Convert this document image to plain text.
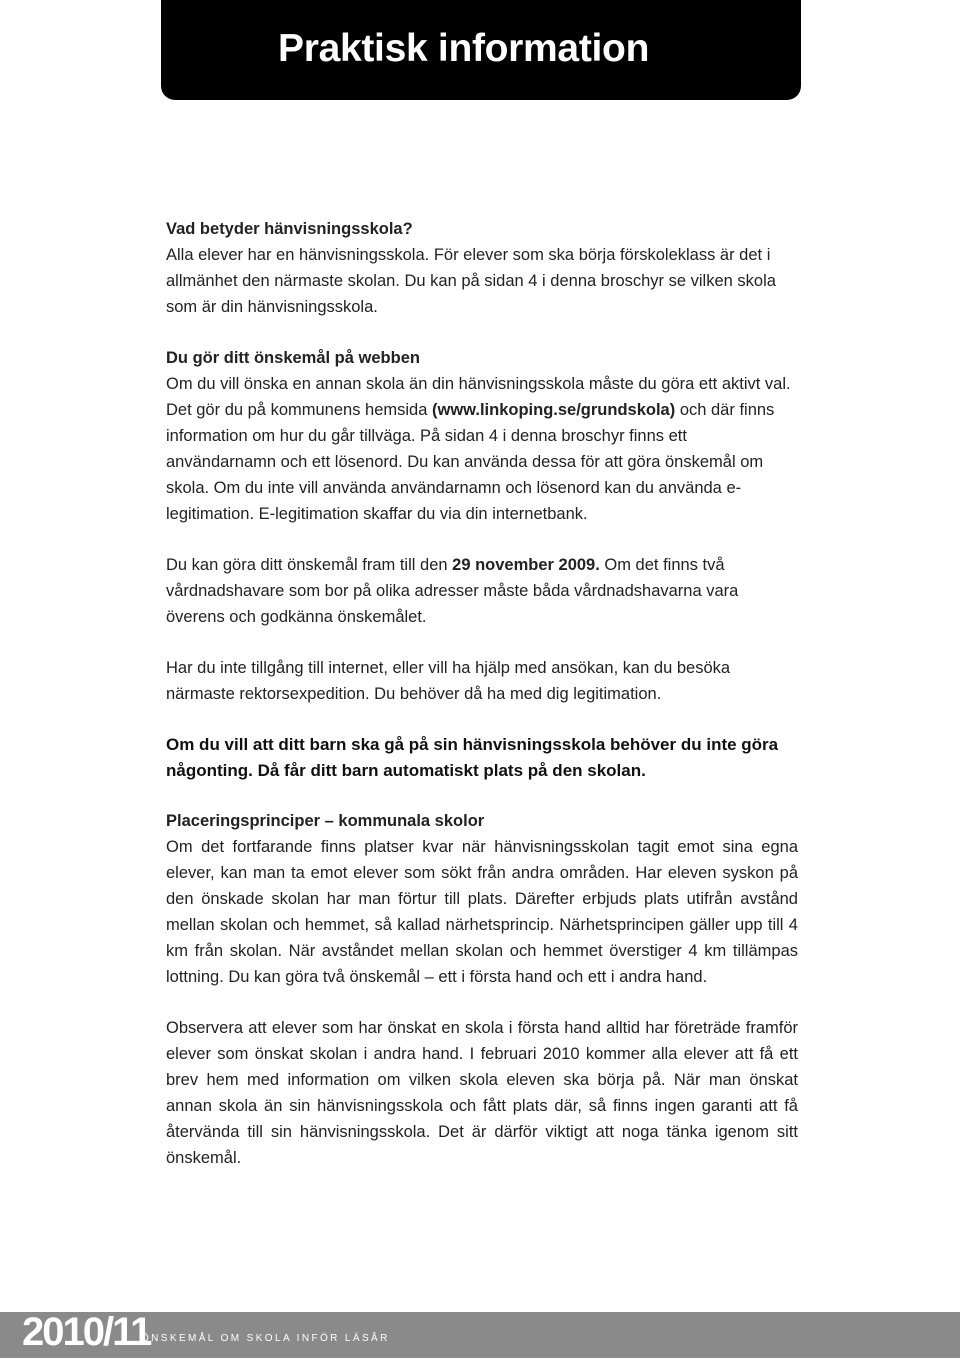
Praktisk information

Vad betyder hänvisningsskola?

Alla elever har en hänvisningsskola. För elever som ska börja förskoleklass är det i allmänhet den närmaste skolan. Du kan på sidan 4 i denna broschyr se vilken skola som är din hänvisningsskola.

Du gör ditt önskemål på webben

Om du vill önska en annan skola än din hänvisningsskola måste du göra ett aktivt val. Det gör du på kommunens hemsida (www.linkoping.se/grundskola) och där finns information om hur du går tillväga. På sidan 4 i denna broschyr finns ett användarnamn och ett lösenord. Du kan använda dessa för att göra önskemål om skola. Om du inte vill använda användarnamn och lösenord kan du använda e-legitimation. E-legitimation skaffar du via din internetbank.

Du kan göra ditt önskemål fram till den 29 november 2009. Om det finns två vårdnadshavare som bor på olika adresser måste båda vårdnadshavarna vara överens och godkänna önskemålet.

Har du inte tillgång till internet, eller vill ha hjälp med ansökan, kan du besöka närmaste rektorsexpedition. Du behöver då ha med dig legitimation.

Om du vill att ditt barn ska gå på sin hänvisningsskola behöver du inte göra någonting. Då får ditt barn automatiskt plats på den skolan.

Placeringsprinciper – kommunala skolor

Om det fortfarande finns platser kvar när hänvisningsskolan tagit emot sina egna elever, kan man ta emot elever som sökt från andra områden. Har eleven syskon på den önskade skolan har man förtur till plats. Därefter erbjuds plats utifrån avstånd mellan skolan och hemmet, så kallad närhetsprincip. Närhetsprincipen gäller upp till 4 km från skolan. När avståndet mellan skolan och hemmet överstiger 4 km tillämpas lottning. Du kan göra två önskemål – ett i första hand och ett i andra hand.

Observera att elever som har önskat en skola i första hand alltid har företräde framför elever som önskat skolan i andra hand. I februari 2010 kommer alla elever att få ett brev hem med information om vilken skola eleven ska börja på. När man önskat annan skola än sin hänvisningsskola och fått plats där, så finns ingen garanti att få återvända till sin hänvisningsskola. Det är därför viktigt att noga tänka igenom sitt önskemål.

2010/11
ÖNSKEMÅL OM SKOLA INFÖR LÄSÅR
